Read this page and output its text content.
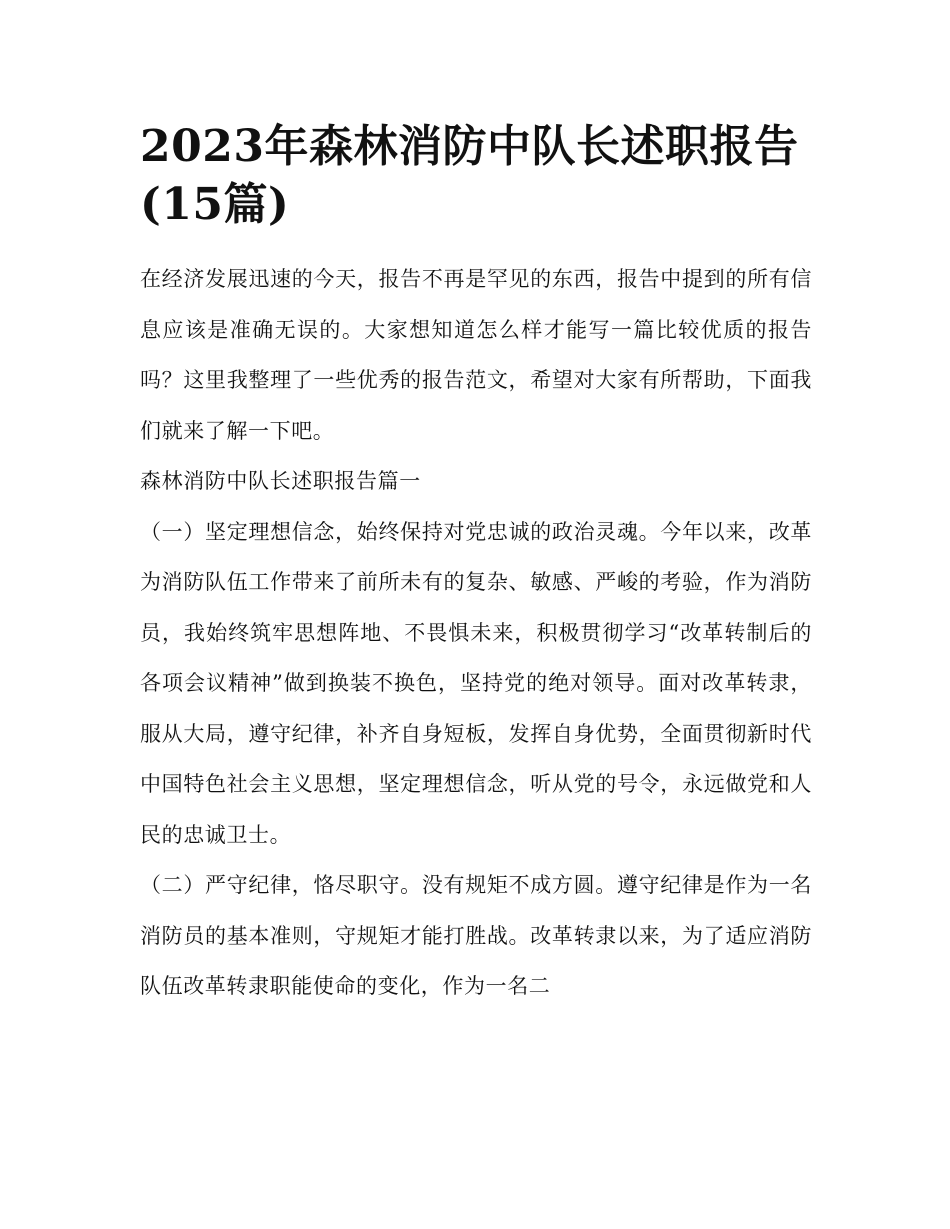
2023年森林消防中队长述职报告(15篇)

在经济发展迅速的今天，报告不再是罕见的东西，报告中提到的所有信息应该是准确无误的。大家想知道怎么样才能写一篇比较优质的报告吗？这里我整理了一些优秀的报告范文，希望对大家有所帮助，下面我们就来了解一下吧。

森林消防中队长述职报告篇一

（一）坚定理想信念，始终保持对党忠诚的政治灵魂。今年以来，改革为消防队伍工作带来了前所未有的复杂、敏感、严峻的考验，作为消防员，我始终筑牢思想阵地、不畏惧未来，积极贯彻学习“改革转制后的各项会议精神”做到换装不换色，坚持党的绝对领导。面对改革转隶，服从大局，遵守纪律，补齐自身短板，发挥自身优势，全面贯彻新时代中国特色社会主义思想，坚定理想信念，听从党的号令，永远做党和人民的忠诚卫士。

（二）严守纪律，恪尽职守。没有规矩不成方圆。遵守纪律是作为一名消防员的基本准则，守规矩才能打胜战。改革转隶以来，为了适应消防队伍改革转隶职能使命的变化，作为一名二
